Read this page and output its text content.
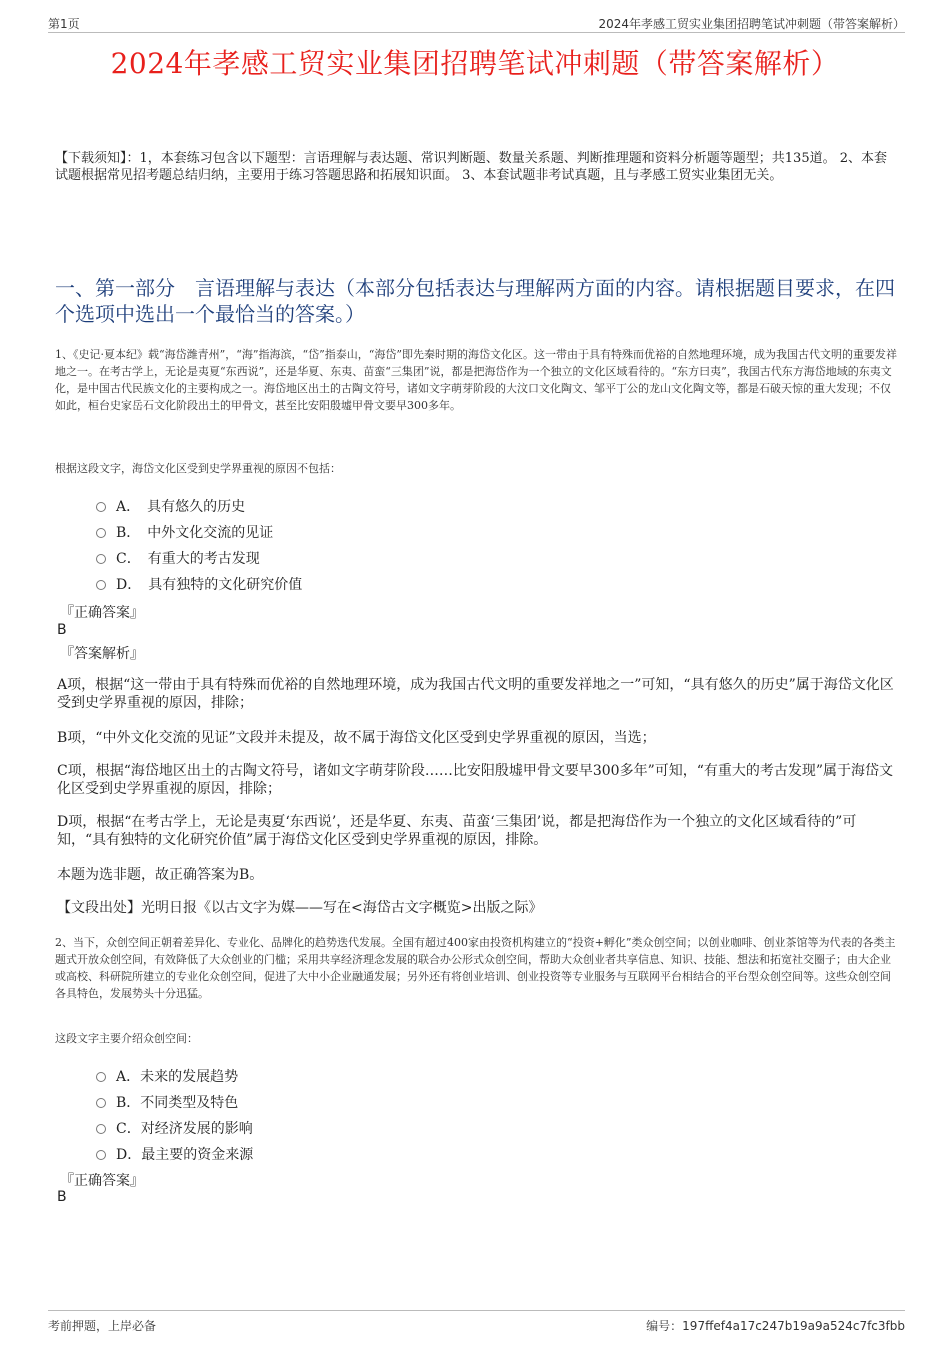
第1页	2024年孝感工贸实业集团招聘笔试冲刺题（带答案解析）
2024年孝感工贸实业集团招聘笔试冲刺题（带答案解析）
【下载须知】：1，本套练习包含以下题型：言语理解与表达题、常识判断题、数量关系题、判断推理题和资料分析题等题型；共135道。 2、本套试题根据常见招考题总结归纳，主要用于练习答题思路和拓展知识面。 3、本套试题非考试真题，且与孝感工贸实业集团无关。
一、第一部分　言语理解与表达（本部分包括表达与理解两方面的内容。请根据题目要求，在四个选项中选出一个最恰当的答案。）
1、《史记·夏本纪》载“海岱潍青州”，“海”指海滨，“岱”指泰山，“海岱”即先秦时期的海岱文化区。这一带由于具有特殊而优裕的自然地理环境，成为我国古代文明的重要发祥地之一。在考古学上，无论是夷夏“东西说”，还是华夏、东夷、苗蛮“三集团”说，都是把海岱作为一个独立的文化区域看待的。“东方曰夷”，我国古代东方海岱地域的东夷文化，是中国古代民族文化的主要构成之一。海岱地区出土的古陶文符号，诸如文字萌芽阶段的大汶口文化陶文、邹平丁公的龙山文化陶文等，都是石破天惊的重大发现；不仅如此，桓台史家岳石文化阶段出土的甲骨文，甚至比安阳殷墟甲骨文要早300多年。
根据这段文字，海岱文化区受到史学界重视的原因不包括：
A．　具有悠久的历史
B．　中外文化交流的见证
C．　有重大的考古发现
D．　具有独特的文化研究价值
『正确答案』
B
『答案解析』
A项，根据“这一带由于具有特殊而优裕的自然地理环境，成为我国古代文明的重要发祥地之一”可知，“具有悠久的历史”属于海岱文化区受到史学界重视的原因，排除；
B项，“中外文化交流的见证”文段并未提及，故不属于海岱文化区受到史学界重视的原因，当选；
C项，根据“海岱地区出土的古陶文符号，诸如文字萌芽阶段……比安阳殷墟甲骨文要早300多年”可知，“有重大的考古发现”属于海岱文化区受到史学界重视的原因，排除；
D项，根据“在考古学上，无论是夷夏‘东西说’，还是华夏、东夷、苗蛮‘三集团’说，都是把海岱作为一个独立的文化区域看待的”可知，“具有独特的文化研究价值”属于海岱文化区受到史学界重视的原因，排除。
本题为选非题，故正确答案为B。
【文段出处】光明日报《以古文字为媒——写在<海岱古文字概览>出版之际》
2、当下，众创空间正朝着差异化、专业化、品牌化的趋势迭代发展。全国有超过400家由投资机构建立的“投资+孵化”类众创空间；以创业咖啡、创业茶馆等为代表的各类主题式开放众创空间，有效降低了大众创业的门槛；采用共享经济理念发展的联合办公形式众创空间，帮助大众创业者共享信息、知识、技能、想法和拓宽社交圈子；由大企业或高校、科研院所建立的专业化众创空间，促进了大中小企业融通发展；另外还有将创业培训、创业投资等专业服务与互联网平台相结合的平台型众创空间等。这些众创空间各具特色，发展势头十分迅猛。
这段文字主要介绍众创空间：
A．未来的发展趋势
B．不同类型及特色
C．对经济发展的影响
D．最主要的资金来源
『正确答案』
B
考前押题，上岸必备	编号：197ffef4a17c247b19a9a524c7fc3fbb
